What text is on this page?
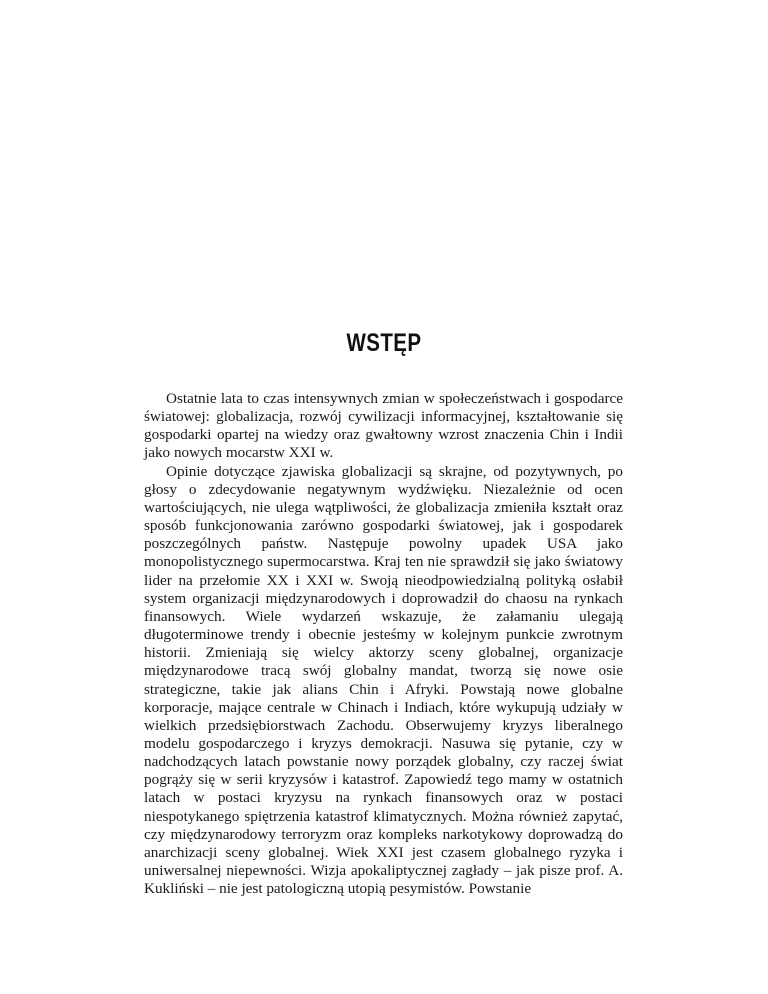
WSTĘP

Ostatnie lata to czas intensywnych zmian w społeczeństwach i gospodarce światowej: globalizacja, rozwój cywilizacji informacyjnej, kształtowanie się gospodarki opartej na wiedzy oraz gwałtowny wzrost znaczenia Chin i Indii jako nowych mocarstw XXI w.

Opinie dotyczące zjawiska globalizacji są skrajne, od pozytywnych, po głosy o zdecydowanie negatywnym wydźwięku. Niezależnie od ocen wartościujących, nie ulega wątpliwości, że globalizacja zmieniła kształt oraz sposób funkcjonowania zarówno gospodarki światowej, jak i gospodarek poszczególnych państw. Następuje powolny upadek USA jako monopolistycznego supermocarstwa. Kraj ten nie sprawdził się jako światowy lider na przełomie XX i XXI w. Swoją nieodpowiedzialną polityką osłabił system organizacji międzynarodowych i doprowadził do chaosu na rynkach finansowych. Wiele wydarzeń wskazuje, że załamaniu ulegają długoterminowe trendy i obecnie jesteśmy w kolejnym punkcie zwrotnym historii. Zmieniają się wielcy aktorzy sceny globalnej, organizacje międzynarodowe tracą swój globalny mandat, tworzą się nowe osie strategiczne, takie jak alians Chin i Afryki. Powstają nowe globalne korporacje, mające centrale w Chinach i Indiach, które wykupują udziały w wielkich przedsiębiorstwach Zachodu. Obserwujemy kryzys liberalnego modelu gospodarczego i kryzys demokracji. Nasuwa się pytanie, czy w nadchodzących latach powstanie nowy porządek globalny, czy raczej świat pogrąży się w serii kryzysów i katastrof. Zapowiedź tego mamy w ostatnich latach w postaci kryzysu na rynkach finansowych oraz w postaci niespotykanego spiętrzenia katastrof klimatycznych. Można również zapytać, czy międzynarodowy terroryzm oraz kompleks narkotykowy doprowadzą do anarchizacji sceny globalnej. Wiek XXI jest czasem globalnego ryzyka i uniwersalnej niepewności. Wizja apokaliptycznej zagłady – jak pisze prof. A. Kukliński – nie jest patologiczną utopią pesymistów. Powstanie
